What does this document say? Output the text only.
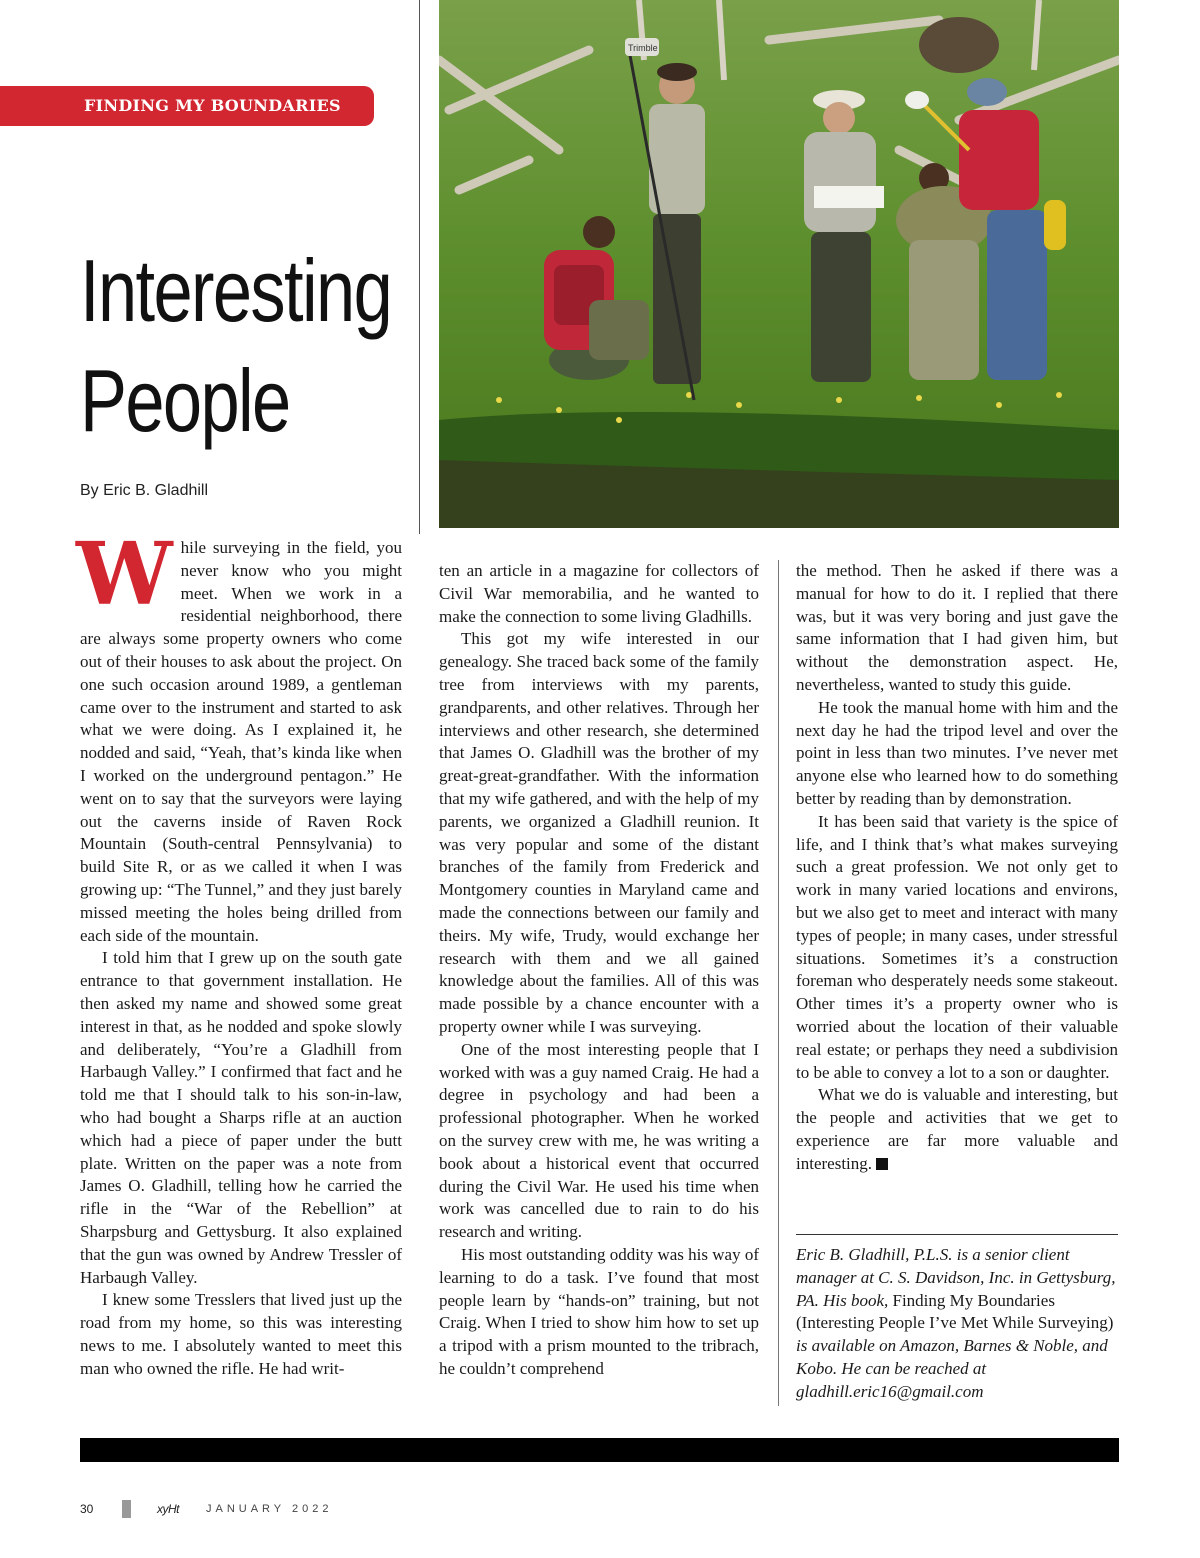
FINDING MY BOUNDARIES
Interesting
People
By Eric B. Gladhill
Trimble

While surveying in the field, you never know who you might meet. When we work in a residential neighborhood, there are always some property owners who come out of their houses to ask about the project. On one such occasion around 1989, a gentleman came over to the instrument and started to ask what we were doing. As I explained it, he nodded and said, “Yeah, that’s kinda like when I worked on the underground pentagon.” He went on to say that the surveyors were laying out the caverns inside of Raven Rock Mountain (South-central Pennsylvania) to build Site R, or as we called it when I was growing up: “The Tunnel,” and they just barely missed meeting the holes being drilled from each side of the mountain.

I told him that I grew up on the south gate entrance to that government installation. He then asked my name and showed some great interest in that, as he nodded and spoke slowly and deliberately, “You’re a Gladhill from Harbaugh Valley.” I confirmed that fact and he told me that I should talk to his son-in-law, who had bought a Sharps rifle at an auction which had a piece of paper under the butt plate. Written on the paper was a note from James O. Gladhill, telling how he carried the rifle in the “War of the Rebellion” at Sharpsburg and Gettysburg. It also explained that the gun was owned by Andrew Tressler of Harbaugh Valley.

I knew some Tresslers that lived just up the road from my home, so this was interesting news to me. I absolutely wanted to meet this man who owned the rifle. He had writ-

ten an article in a magazine for collectors of Civil War memorabilia, and he wanted to make the connection to some living Gladhills.

This got my wife interested in our genealogy. She traced back some of the family tree from interviews with my parents, grandparents, and other relatives. Through her interviews and other research, she determined that James O. Gladhill was the brother of my great-great-grandfather. With the information that my wife gathered, and with the help of my parents, we organized a Gladhill reunion. It was very popular and some of the distant branches of the family from Frederick and Montgomery counties in Maryland came and made the connections between our family and theirs. My wife, Trudy, would exchange her research with them and we all gained knowledge about the families. All of this was made possible by a chance encounter with a property owner while I was surveying.

One of the most interesting people that I worked with was a guy named Craig. He had a degree in psychology and had been a professional photographer. When he worked on the survey crew with me, he was writing a book about a historical event that occurred during the Civil War. He used his time when work was cancelled due to rain to do his research and writing.

His most outstanding oddity was his way of learning to do a task. I’ve found that most people learn by “hands-on” training, but not Craig. When I tried to show him how to set up a tripod with a prism mounted to the tribrach, he couldn’t comprehend

the method. Then he asked if there was a manual for how to do it. I replied that there was, but it was very boring and just gave the same information that I had given him, but without the demonstration aspect. He, nevertheless, wanted to study this guide.

He took the manual home with him and the next day he had the tripod level and over the point in less than two minutes. I’ve never met anyone else who learned how to do something better by reading than by demonstration.

It has been said that variety is the spice of life, and I think that’s what makes surveying such a great profession. We not only get to work in many varied locations and environs, but we also get to meet and interact with many types of people; in many cases, under stressful situations. Sometimes it’s a construction foreman who desperately needs some stakeout. Other times it’s a property owner who is worried about the location of their valuable real estate; or perhaps they need a subdivision to be able to convey a lot to a son or daughter.

What we do is valuable and interesting, but the people and activities that we get to experience are far more valuable and interesting.

Eric B. Gladhill, P.L.S. is a senior client manager at C. S. Davidson, Inc. in Gettysburg, PA. His book, Finding My Boundaries (Interesting People I’ve Met While Surveying) is available on Amazon, Barnes & Noble, and Kobo. He can be reached at gladhill.eric16@gmail.com
30	xyHt JANUARY 2022
